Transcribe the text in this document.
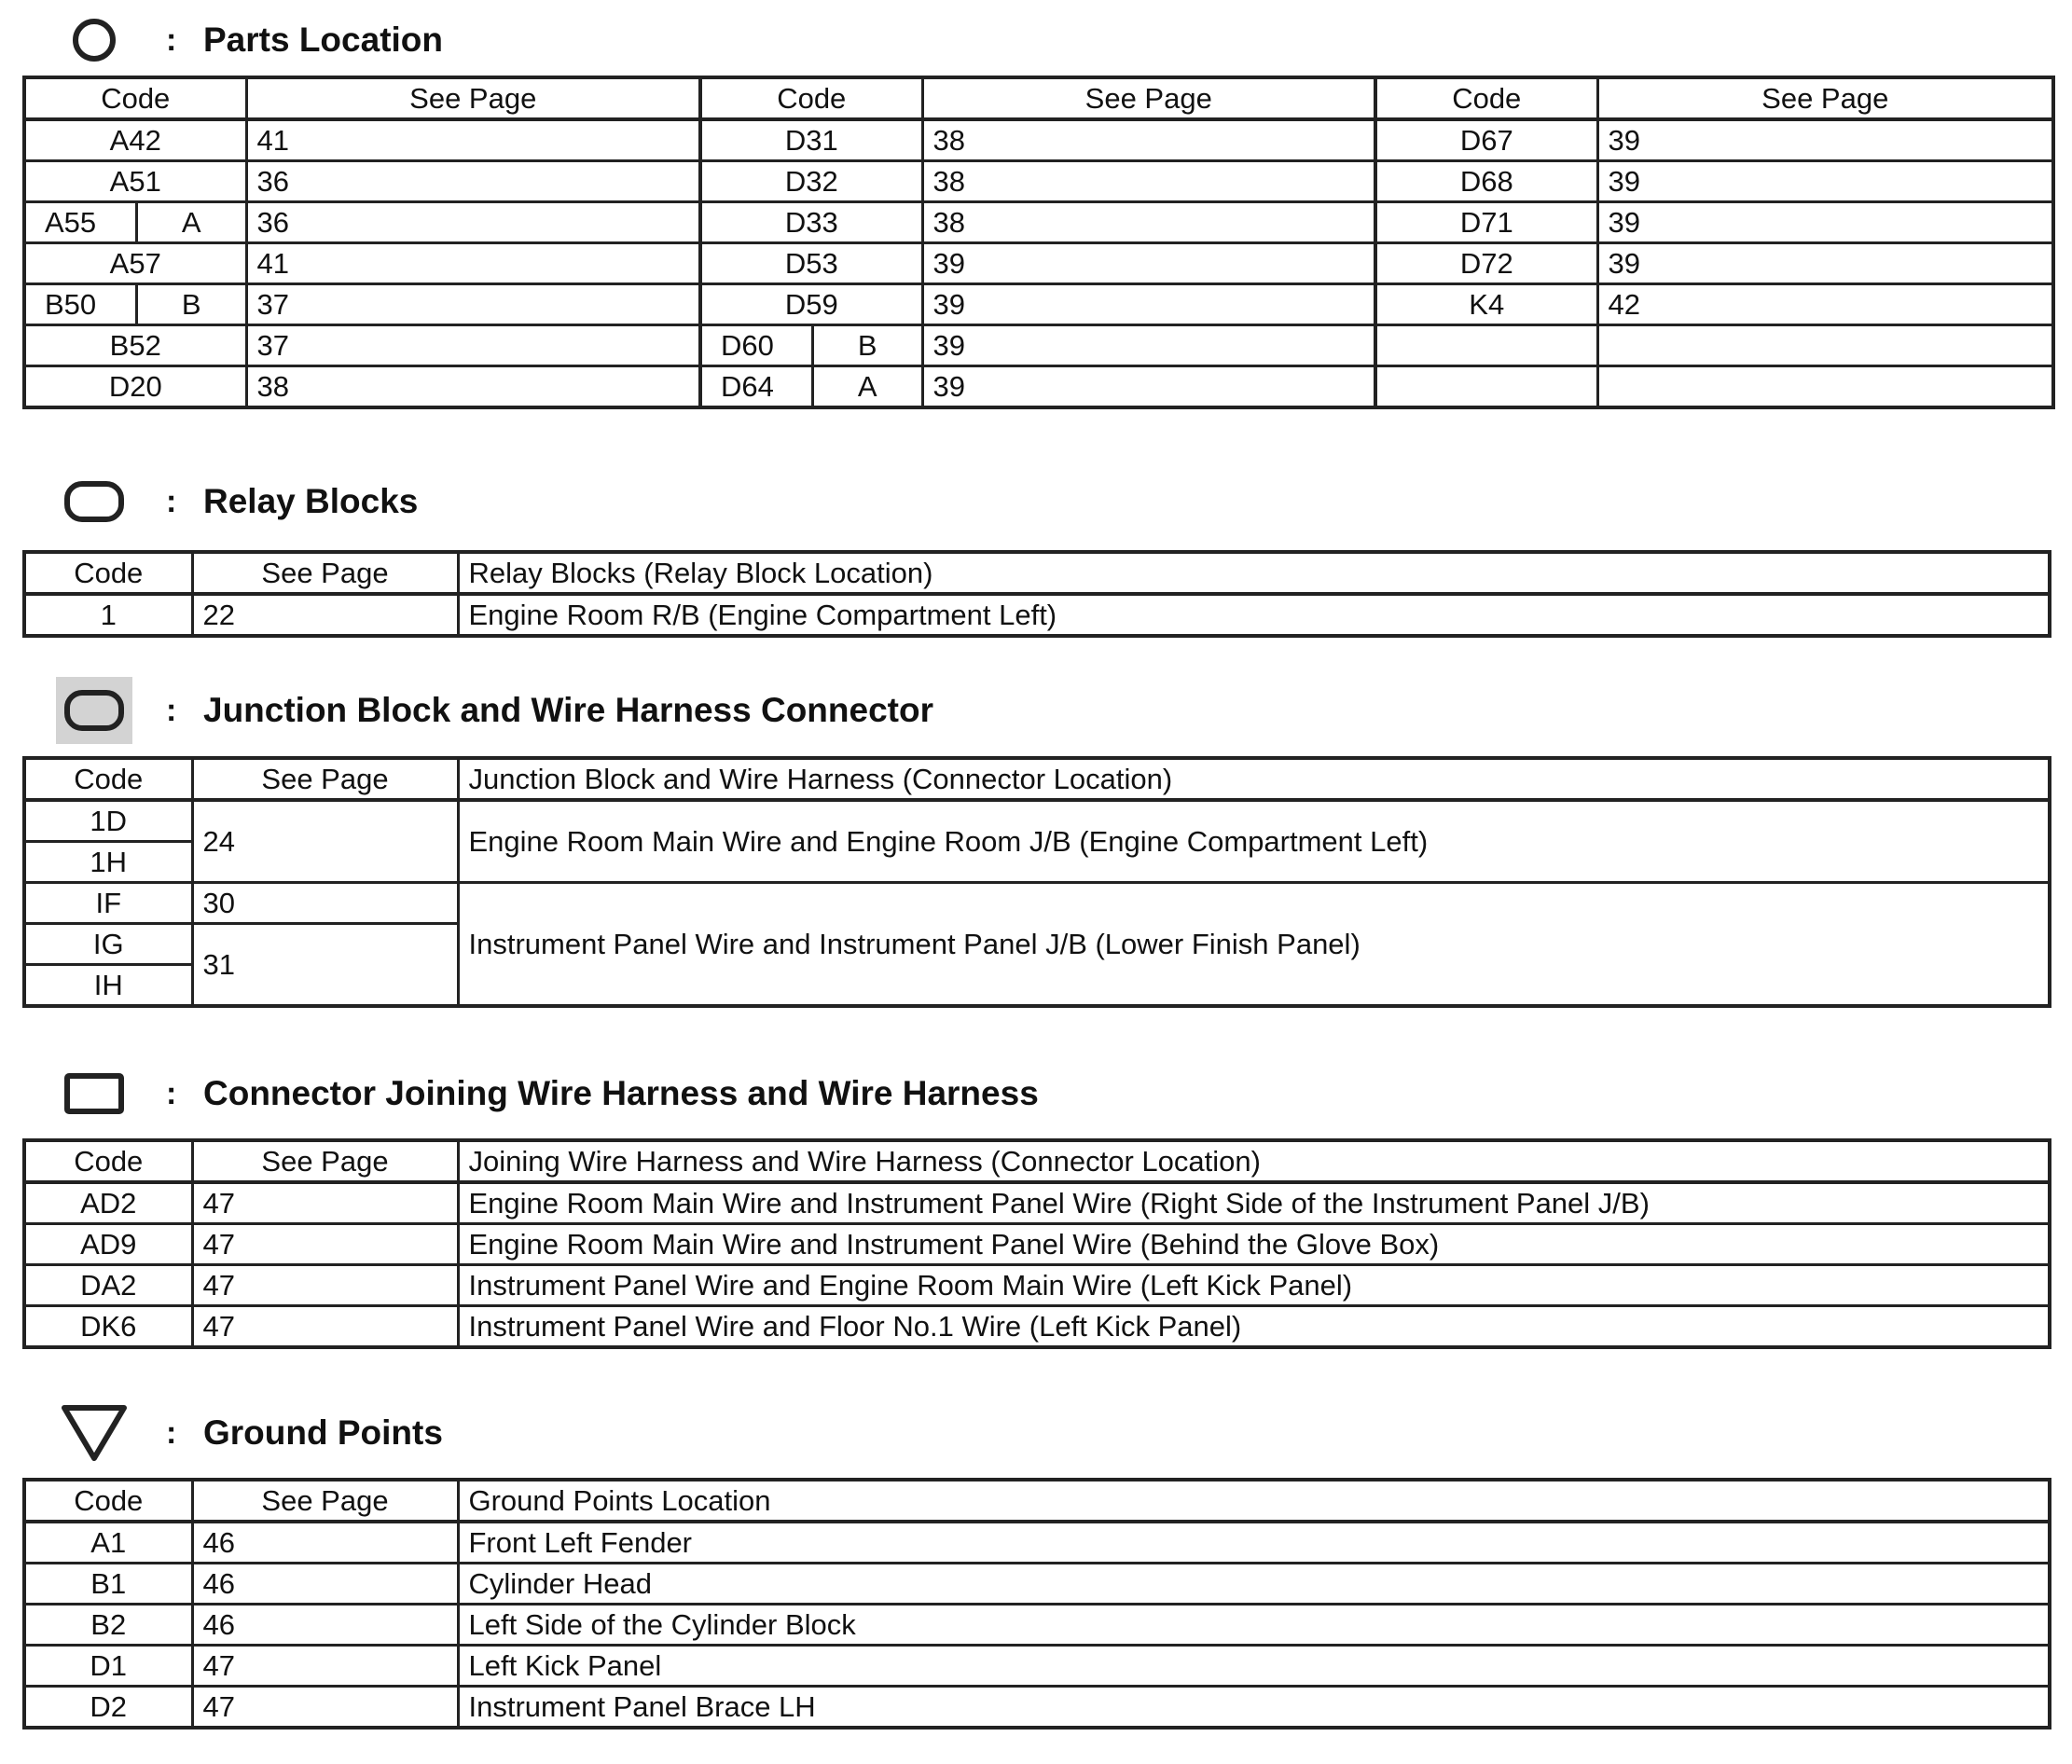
: Parts Location
Code	See Page	Code	See Page	Code	See Page
A42	41	D31	38	D67	39
A51	36	D32	38	D68	39

A55 A	36	D33	38	D71	39
A57	41	D53	39	D72	39

B50 B	37	D59	39	K4	42
B52	37	D60 B	39		
D20	38	D64 A	39		
: Relay Blocks
Code	See Page	Relay Blocks (Relay Block Location)
1	22	Engine Room R/B (Engine Compartment Left)
: Junction Block and Wire Harness Connector
Code	See Page	Junction Block and Wire Harness (Connector Location)
1D	24	Engine Room Main Wire and Engine Room J/B (Engine Compartment Left)
1H		
IF	30	Instrument Panel Wire and Instrument Panel J/B (Lower Finish Panel)
IG	31	
IH		
: Connector Joining Wire Harness and Wire Harness
Code	See Page	Joining Wire Harness and Wire Harness (Connector Location)
AD2	47	Engine Room Main Wire and Instrument Panel Wire (Right Side of the Instrument Panel J/B)
AD9	47	Engine Room Main Wire and Instrument Panel Wire (Behind the Glove Box)
DA2	47	Instrument Panel Wire and Engine Room Main Wire (Left Kick Panel)
DK6	47	Instrument Panel Wire and Floor No.1 Wire (Left Kick Panel)
: Ground Points
Code	See Page	Ground Points Location
A1	46	Front Left Fender
B1	46	Cylinder Head
B2	46	Left Side of the Cylinder Block
D1	47	Left Kick Panel
D2	47	Instrument Panel Brace LH
